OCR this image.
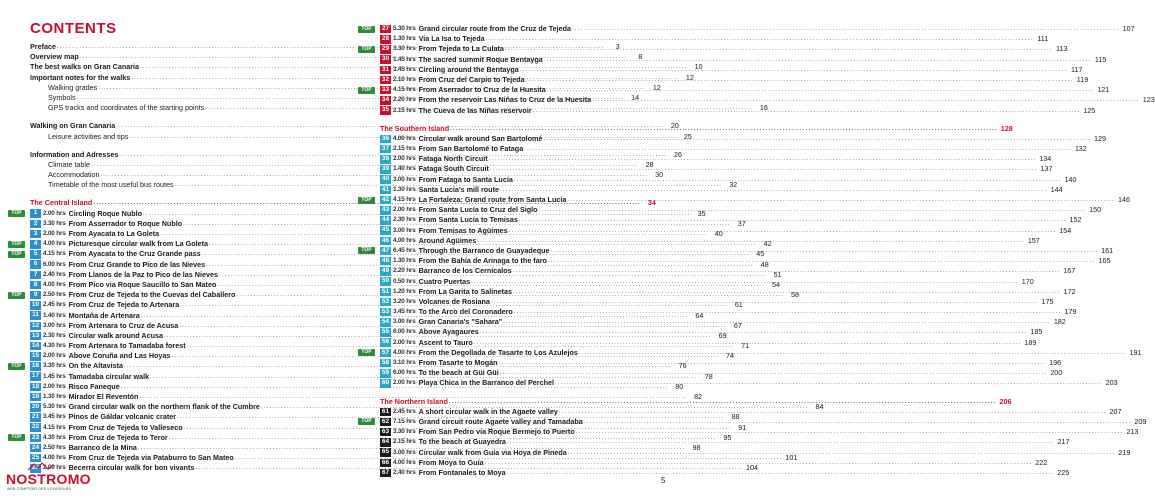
CONTENTS
Preface .....	3
Overview map .....	8
The best walks on Gran Canaria .....	10
Important notes for the walks .....	12
Walking grades .....	12
Symbols .....	14
GPS tracks and coordinates of the starting points .....	16
Walking on Gran Canaria .....	20
Leisure activities and tips .....	25
Information and Adresses .....	26
Climate table .....	28
Accommodation .....	30
Timetable of the most useful bus routes .....	32
The Central Island .....	34
TOP	1 2.00 hrs Circling Roque Nublo .....	35
2 3.30 hrs From Asserrador to Roque Nublo .....	37
3 2.00 hrs From Ayacata to La Goleta .....	40
TOP	4 4.00 hrs Picturesque circular walk from La Goleta .....	42
TOP	5 4.15 hrs From Ayacata to the Cruz Grande pass .....	45
6 6.00 hrs From Cruz Grande to Pico de las Nieves .....	48
7 2.40 hrs From Llanos de la Paz to Pico de las Nieves .....	51
8 4.00 hrs From Pico via Roque Saucillo to San Mateo .....	54
TOP	9 2.50 hrs From Cruz de Tejeda to the Cuevas del Caballero .....	58
10 2.45 hrs From Cruz de Tejeda to Artenara .....	61
11 1.40 hrs Montaña de Artenara .....	64
12 3.00 hrs From Artenara to Cruz de Acusa .....	67
13 2.30 hrs Circular walk around Acusa .....	69
14 4.30 hrs From Artenara to Tamadaba forest .....	71
15 2.00 hrs Above Coruña and Las Hoyas .....	74
TOP	16 3.30 hrs On the Altavista .....	76
17 1.45 hrs Tamadaba circular walk .....	78
18 2.00 hrs Risco Faneque .....	80
19 1.30 hrs Mirador El Reventón .....	82
20 5.30 hrs Grand circular walk on the northern flank of the Cumbre .....	84
21 3.45 hrs Pinos de Gáldar volcanic crater .....	88
22 4.15 hrs From Cruz de Tejeda to Valleseco .....	91
TOP	23 4.30 hrs From Cruz de Tejeda to Teror .....	95
24 2.50 hrs Barranco de la Mina .....	98
25 4.00 hrs From Cruz de Tejeda via Pataburro to San Mateo .....	101
26 2.00 hrs Becerra circular walk for bon vivants .....	104
TOP	27 5.30 hrs Grand circular route from the Cruz de Tejeda .....	107
28 1.30 hrs Via La Isa to Tejeda .....	111
TOP	29 3.30 hrs From Tejeda to La Culata .....	113
30 1.45 hrs The sacred summit Roque Bentayga .....	115
31 3.45 hrs Circling around the Bentayga .....	117
32 2.10 hrs From Cruz del Carpio to Tejeda .....	119
TOP	33 4.15 hrs From Aserrador to Cruz de la Huesita .....	121
34 2.20 hrs From the reservoir Las Niñas to Cruz de la Huesita .....	123
35 2.15 hrs The Cueva de las Niñas reservoir .....	125
The Southern Island .....	128
36 4.00 hrs Circular walk around San Bartolomé .....	129
37 2.15 hrs From San Bartolomé to Fataga .....	132
38 2.00 hrs Fataga North Circuit .....	134
39 1.40 hrs Fataga South Circuit .....	137
40 3.00 hrs From Fataga to Santa Lucía .....	140
41 1.30 hrs Santa Lucía's mill route .....	144
TOP	42 4.15 hrs La Fortaleza: Grand route from Santa Lucía .....	146
43 2.00 hrs From Santa Lucía to Cruz del Siglo .....	150
44 2.30 hrs From Santa Lucía to Temisas .....	152
45 3.00 hrs From Temisas to Agüimes .....	154
46 4.00 hrs Around Agüimes .....	157
TOP	47 6.45 hrs Through the Barranco de Guayadeque .....	161
48 1.30 hrs From the Bahía de Arinaga to the faro .....	165
49 2.20 hrs Barranco de los Cernícalos .....	167
50 0.50 hrs Cuatro Puertas .....	170
51 1.20 hrs From La Garita to Salinetas .....	172
52 3.20 hrs Volcanes de Rosiana .....	175
53 3.45 hrs To the Arco del Coronadero .....	179
54 3.00 hrs Gran Canaria's "Sahara" .....	182
55 6.00 hrs Above Ayagaures .....	185
56 2.00 hrs Ascent to Tauro .....	189
TOP	57 4.00 hrs From the Degollada de Tasarte to Los Azulejos .....	191
58 3.10 hrs From Tasarte to Mogán .....	196
59 6.00 hrs To the beach at Güi Güi .....	200
60 2.00 hrs Playa Chica in the Barranco del Perchel .....	203
The Northern Island .....	206
61 2.45 hrs A short circular walk in the Agaete valley .....	207
TOP	62 7.15 hrs Grand circuit route Agaete valley and Tamadaba .....	209
63 3.30 hrs From San Pedro via Roque Bermejo to Puerto .....	213
64 2.15 hrs To the beach at Guayedra .....	217
65 3.00 hrs Circular walk from Guía via Hoya de Pineda .....	219
66 4.00 hrs From Moya to Guía .....	222
67 2.40 hrs From Fontanales to Moya .....	225
NOSTROMO
WEB COMPTOIR DES VOYAGEURS
5
